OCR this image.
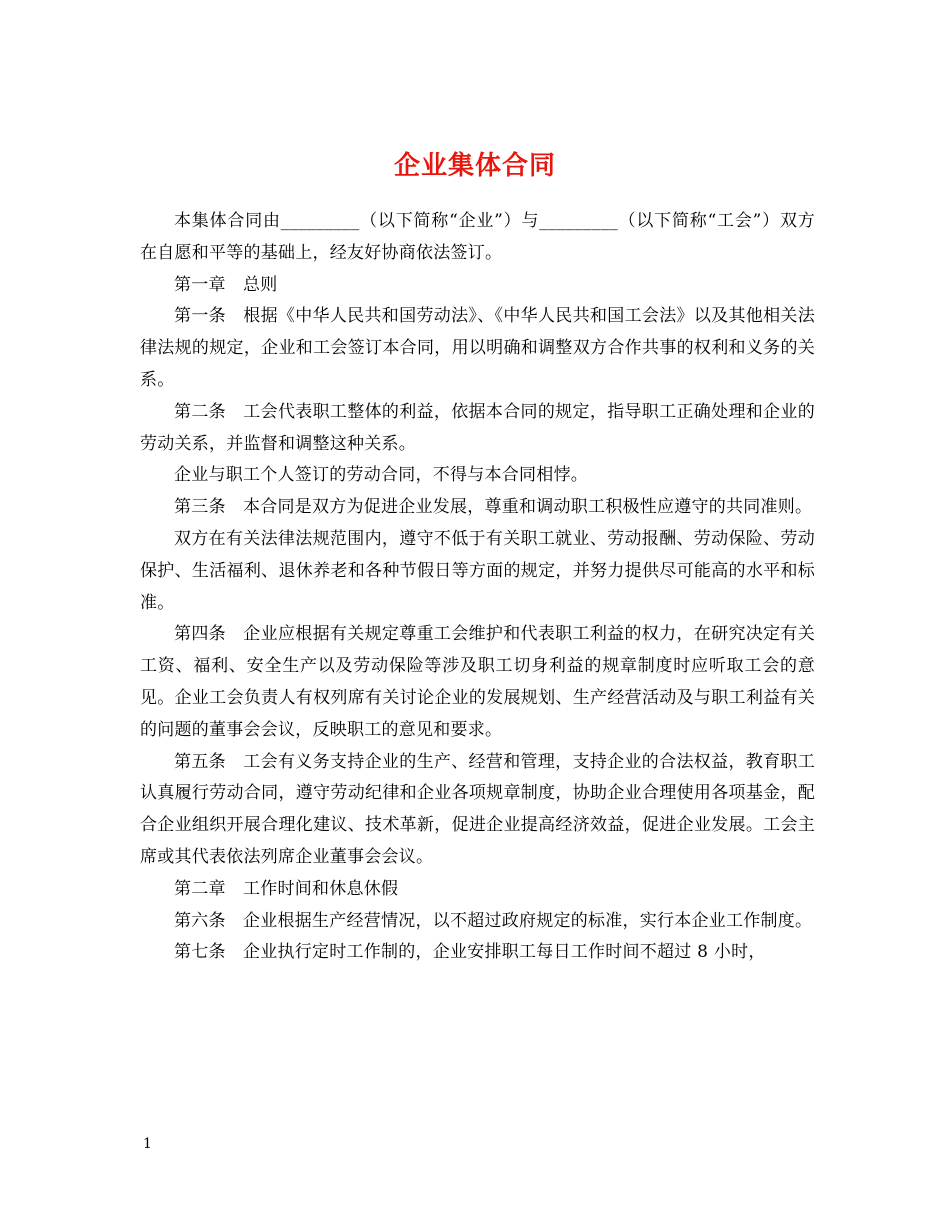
企业集体合同

本集体合同由_________（以下简称“企业”）与_________（以下简称“工会”）双方在自愿和平等的基础上，经友好协商依法签订。

第一章　总则

第一条　根据《中华人民共和国劳动法》、《中华人民共和国工会法》以及其他相关法律法规的规定，企业和工会签订本合同，用以明确和调整双方合作共事的权利和义务的关系。

第二条　工会代表职工整体的利益，依据本合同的规定，指导职工正确处理和企业的劳动关系，并监督和调整这种关系。

企业与职工个人签订的劳动合同，不得与本合同相悖。

第三条　本合同是双方为促进企业发展，尊重和调动职工积极性应遵守的共同准则。

双方在有关法律法规范围内，遵守不低于有关职工就业、劳动报酬、劳动保险、劳动保护、生活福利、退休养老和各种节假日等方面的规定，并努力提供尽可能高的水平和标准。

第四条　企业应根据有关规定尊重工会维护和代表职工利益的权力，在研究决定有关工资、福利、安全生产以及劳动保险等涉及职工切身利益的规章制度时应听取工会的意见。企业工会负责人有权列席有关讨论企业的发展规划、生产经营活动及与职工利益有关的问题的董事会会议，反映职工的意见和要求。

第五条　工会有义务支持企业的生产、经营和管理，支持企业的合法权益，教育职工认真履行劳动合同，遵守劳动纪律和企业各项规章制度，协助企业合理使用各项基金，配合企业组织开展合理化建议、技术革新，促进企业提高经济效益，促进企业发展。工会主席或其代表依法列席企业董事会会议。

第二章　工作时间和休息休假

第六条　企业根据生产经营情况，以不超过政府规定的标准，实行本企业工作制度。

第七条　企业执行定时工作制的，企业安排职工每日工作时间不超过 8 小时，

1
